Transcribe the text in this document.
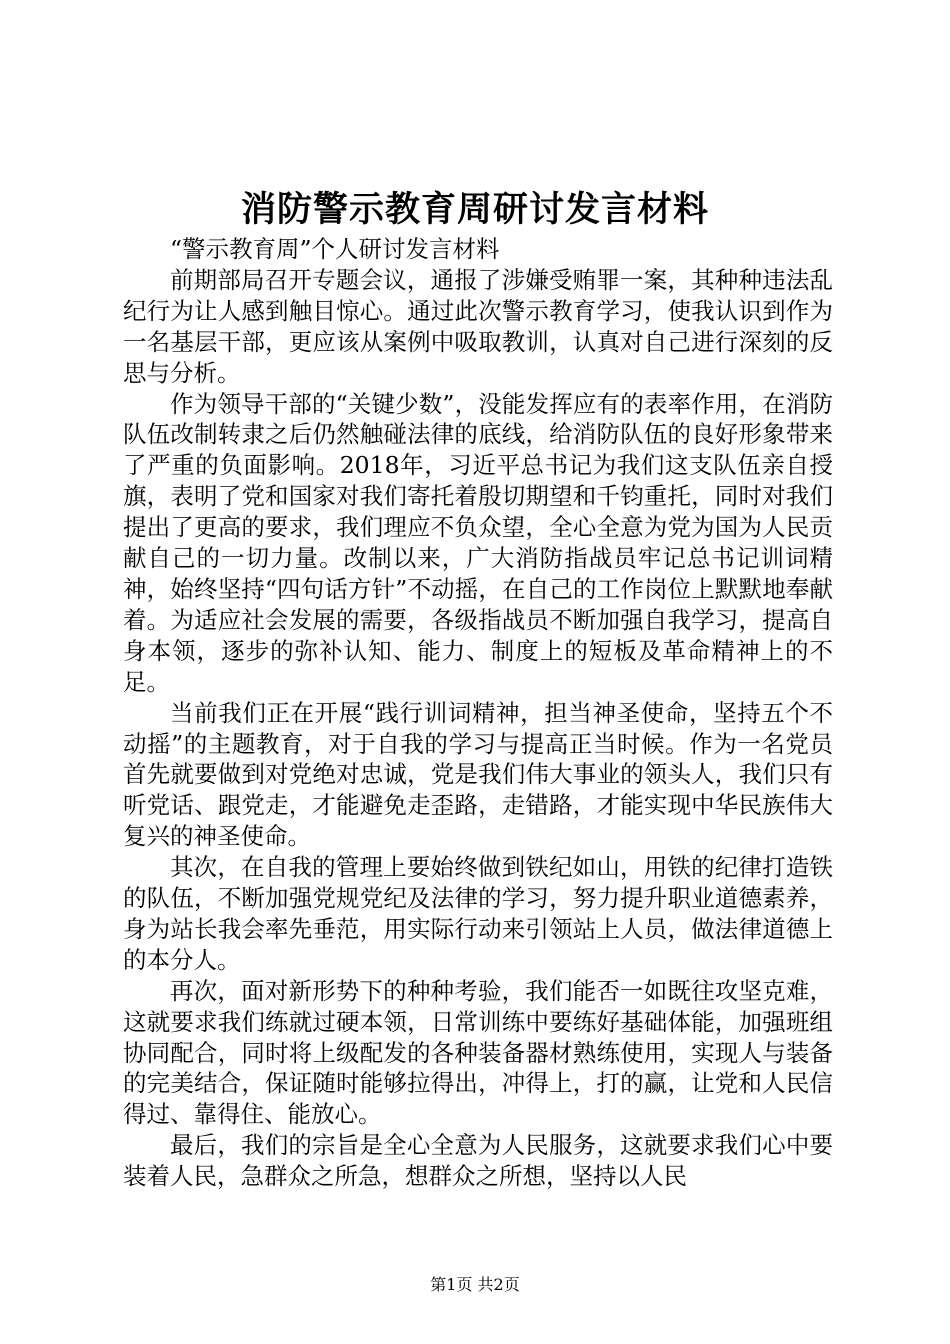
消防警示教育周研讨发言材料

“警示教育周”个人研讨发言材料

前期部局召开专题会议，通报了涉嫌受贿罪一案，其种种违法乱纪行为让人感到触目惊心。通过此次警示教育学习，使我认识到作为一名基层干部，更应该从案例中吸取教训，认真对自己进行深刻的反思与分析。

作为领导干部的“关键少数”，没能发挥应有的表率作用，在消防队伍改制转隶之后仍然触碰法律的底线，给消防队伍的良好形象带来了严重的负面影响。2018年，习近平总书记为我们这支队伍亲自授旗，表明了党和国家对我们寄托着殷切期望和千钧重托，同时对我们提出了更高的要求，我们理应不负众望，全心全意为党为国为人民贡献自己的一切力量。改制以来，广大消防指战员牢记总书记训词精神，始终坚持“四句话方针”不动摇，在自己的工作岗位上默默地奉献着。为适应社会发展的需要，各级指战员不断加强自我学习，提高自身本领，逐步的弥补认知、能力、制度上的短板及革命精神上的不足。

当前我们正在开展“践行训词精神，担当神圣使命，坚持五个不动摇”的主题教育，对于自我的学习与提高正当时候。作为一名党员首先就要做到对党绝对忠诚，党是我们伟大事业的领头人，我们只有听党话、跟党走，才能避免走歪路，走错路，才能实现中华民族伟大复兴的神圣使命。

其次，在自我的管理上要始终做到铁纪如山，用铁的纪律打造铁的队伍，不断加强党规党纪及法律的学习，努力提升职业道德素养，身为站长我会率先垂范，用实际行动来引领站上人员，做法律道德上的本分人。

再次，面对新形势下的种种考验，我们能否一如既往攻坚克难，这就要求我们练就过硬本领，日常训练中要练好基础体能，加强班组协同配合，同时将上级配发的各种装备器材熟练使用，实现人与装备的完美结合，保证随时能够拉得出，冲得上，打的赢，让党和人民信得过、靠得住、能放心。

最后，我们的宗旨是全心全意为人民服务，这就要求我们心中要装着人民，急群众之所急，想群众之所想，坚持以人民

第1页 共2页
